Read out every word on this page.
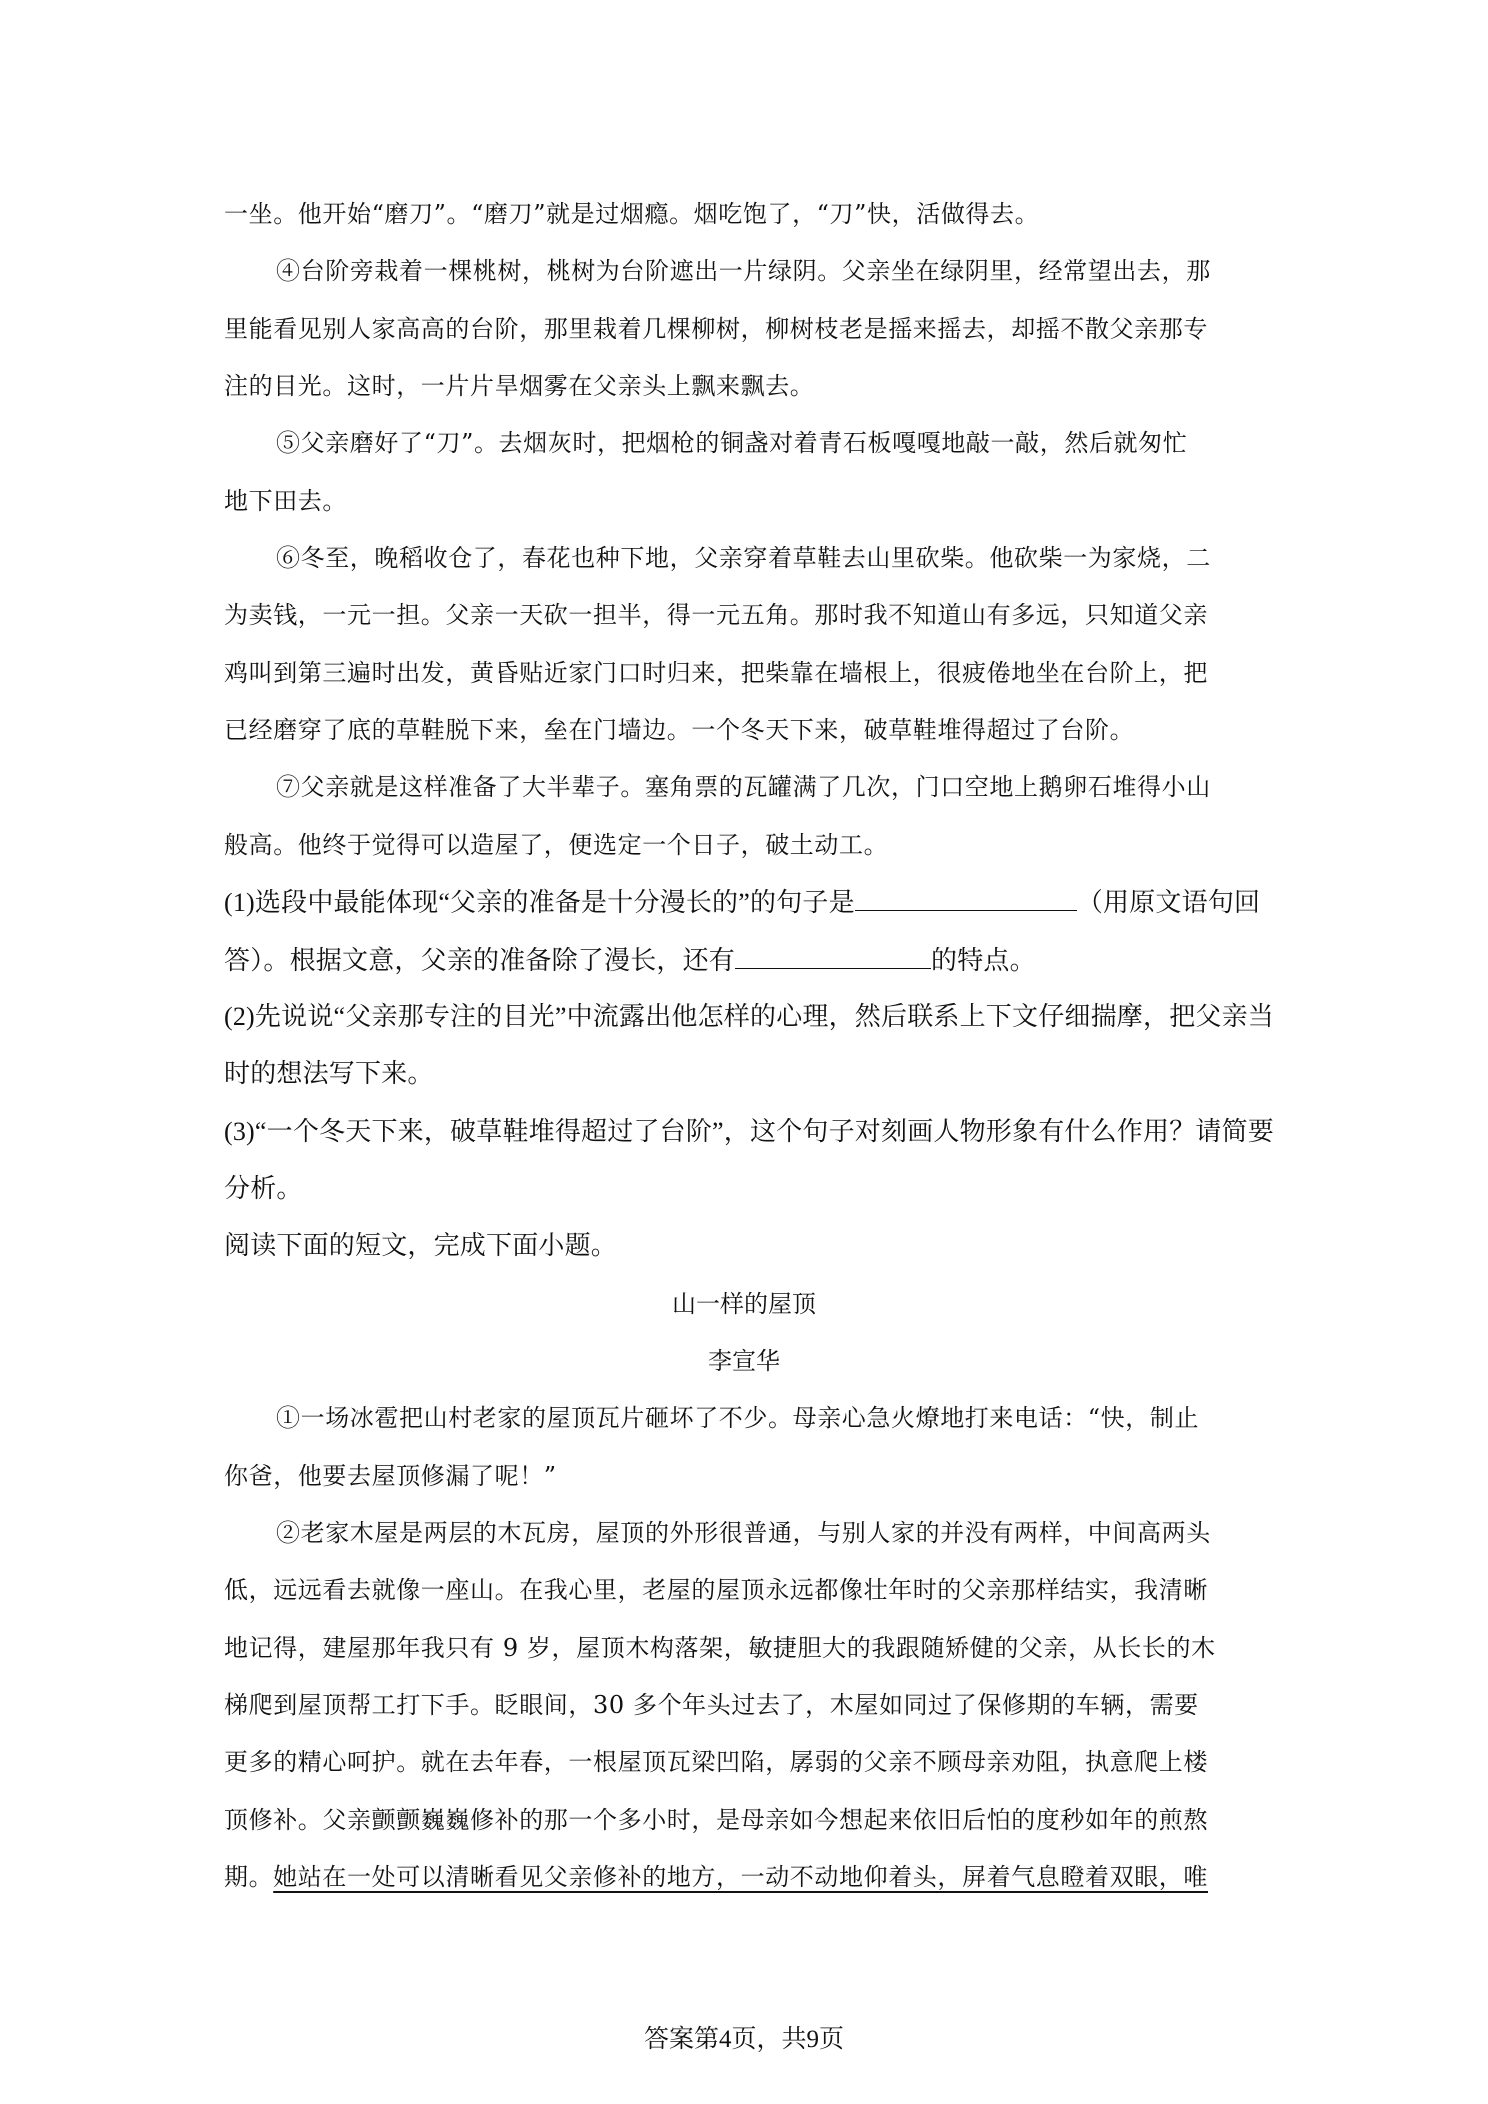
一坐。他开始“磨刀”。“磨刀”就是过烟瘾。烟吃饱了，“刀”快，活做得去。
④台阶旁栽着一棵桃树，桃树为台阶遮出一片绿阴。父亲坐在绿阴里，经常望出去，那
里能看见别人家高高的台阶，那里栽着几棵柳树，柳树枝老是摇来摇去，却摇不散父亲那专
注的目光。这时，一片片旱烟雾在父亲头上飘来飘去。
⑤父亲磨好了“刀”。去烟灰时，把烟枪的铜盏对着青石板嘎嘎地敲一敲，然后就匆忙
地下田去。
⑥冬至，晚稻收仓了，春花也种下地，父亲穿着草鞋去山里砍柴。他砍柴一为家烧，二
为卖钱，一元一担。父亲一天砍一担半，得一元五角。那时我不知道山有多远，只知道父亲
鸡叫到第三遍时出发，黄昏贴近家门口时归来，把柴靠在墙根上，很疲倦地坐在台阶上，把
已经磨穿了底的草鞋脱下来，垒在门墙边。一个冬天下来，破草鞋堆得超过了台阶。
⑦父亲就是这样准备了大半辈子。塞角票的瓦罐满了几次，门口空地上鹅卵石堆得小山
般高。他终于觉得可以造屋了，便选定一个日子，破土动工。
(1)选段中最能体现“父亲的准备是十分漫长的”的句子是	（用原文语句回
答）。根据文意，父亲的准备除了漫长，还有	的特点。
(2)先说说“父亲那专注的目光”中流露出他怎样的心理，然后联系上下文仔细揣摩，把父亲当
时的想法写下来。
(3)“一个冬天下来，破草鞋堆得超过了台阶”，这个句子对刻画人物形象有什么作用？请简要
分析。
阅读下面的短文，完成下面小题。
山一样的屋顶
李宣华
①一场冰雹把山村老家的屋顶瓦片砸坏了不少。母亲心急火燎地打来电话：“快，制止
你爸，他要去屋顶修漏了呢！”
②老家木屋是两层的木瓦房，屋顶的外形很普通，与别人家的并没有两样，中间高两头
低，远远看去就像一座山。在我心里，老屋的屋顶永远都像壮年时的父亲那样结实，我清晰
地记得，建屋那年我只有 9 岁，屋顶木构落架，敏捷胆大的我跟随矫健的父亲，从长长的木
梯爬到屋顶帮工打下手。眨眼间，30 多个年头过去了，木屋如同过了保修期的车辆，需要
更多的精心呵护。就在去年春，一根屋顶瓦梁凹陷，孱弱的父亲不顾母亲劝阻，执意爬上楼
顶修补。父亲颤颤巍巍修补的那一个多小时，是母亲如今想起来依旧后怕的度秒如年的煎熬
期。她站在一处可以清晰看见父亲修补的地方，一动不动地仰着头，屏着气息瞪着双眼，唯
答案第4页，共9页
